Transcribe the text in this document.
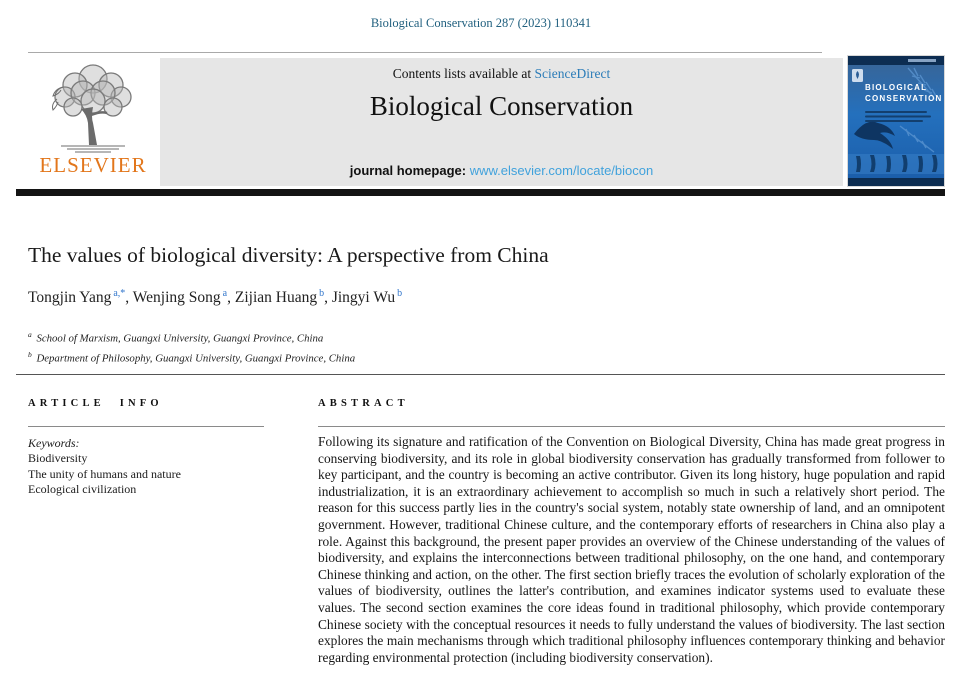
Biological Conservation 287 (2023) 110341
ELSEVIER
Contents lists available at ScienceDirect
Biological Conservation
journal homepage: www.elsevier.com/locate/biocon
BIOLOGICAL
CONSERVATION
The values of biological diversity: A perspective from China
Tongjin Yang $^{a,*}$, Wenjing Song $^a$, Zijian Huang $^b$, Jingyi Wu $^b$
$^a$ School of Marxism, Guangxi University, Guangxi Province, China
$^b$ Department of Philosophy, Guangxi University, Guangxi Province, China
ARTICLE INFO
Keywords:
Biodiversity
The unity of humans and nature
Ecological civilization
ABSTRACT
Following its signature and ratification of the Convention on Biological Diversity, China has made great progress in conserving biodiversity, and its role in global biodiversity conservation has gradually transformed from follower to key participant, and the country is becoming an active contributor. Given its long history, huge population and rapid industrialization, it is an extraordinary achievement to accomplish so much in such a relatively short period. The reason for this success partly lies in the country's social system, notably state ownership of land, and an omnipotent government. However, traditional Chinese culture, and the contemporary efforts of researchers in China also play a role. Against this background, the present paper provides an overview of the Chinese understanding of the values of biodiversity, and explains the interconnections between traditional philosophy, on the one hand, and contemporary Chinese thinking and action, on the other. The first section briefly traces the evolution of scholarly exploration of the values of biodiversity, outlines the latter's contribution, and examines indicator systems used to evaluate these values. The second section examines the core ideas found in traditional philosophy, which provide contemporary Chinese society with the conceptual resources it needs to fully understand the values of biodiversity. The last section explores the main mechanisms through which traditional philosophy influences contemporary thinking and behavior regarding environmental protection (including biodiversity conservation).
